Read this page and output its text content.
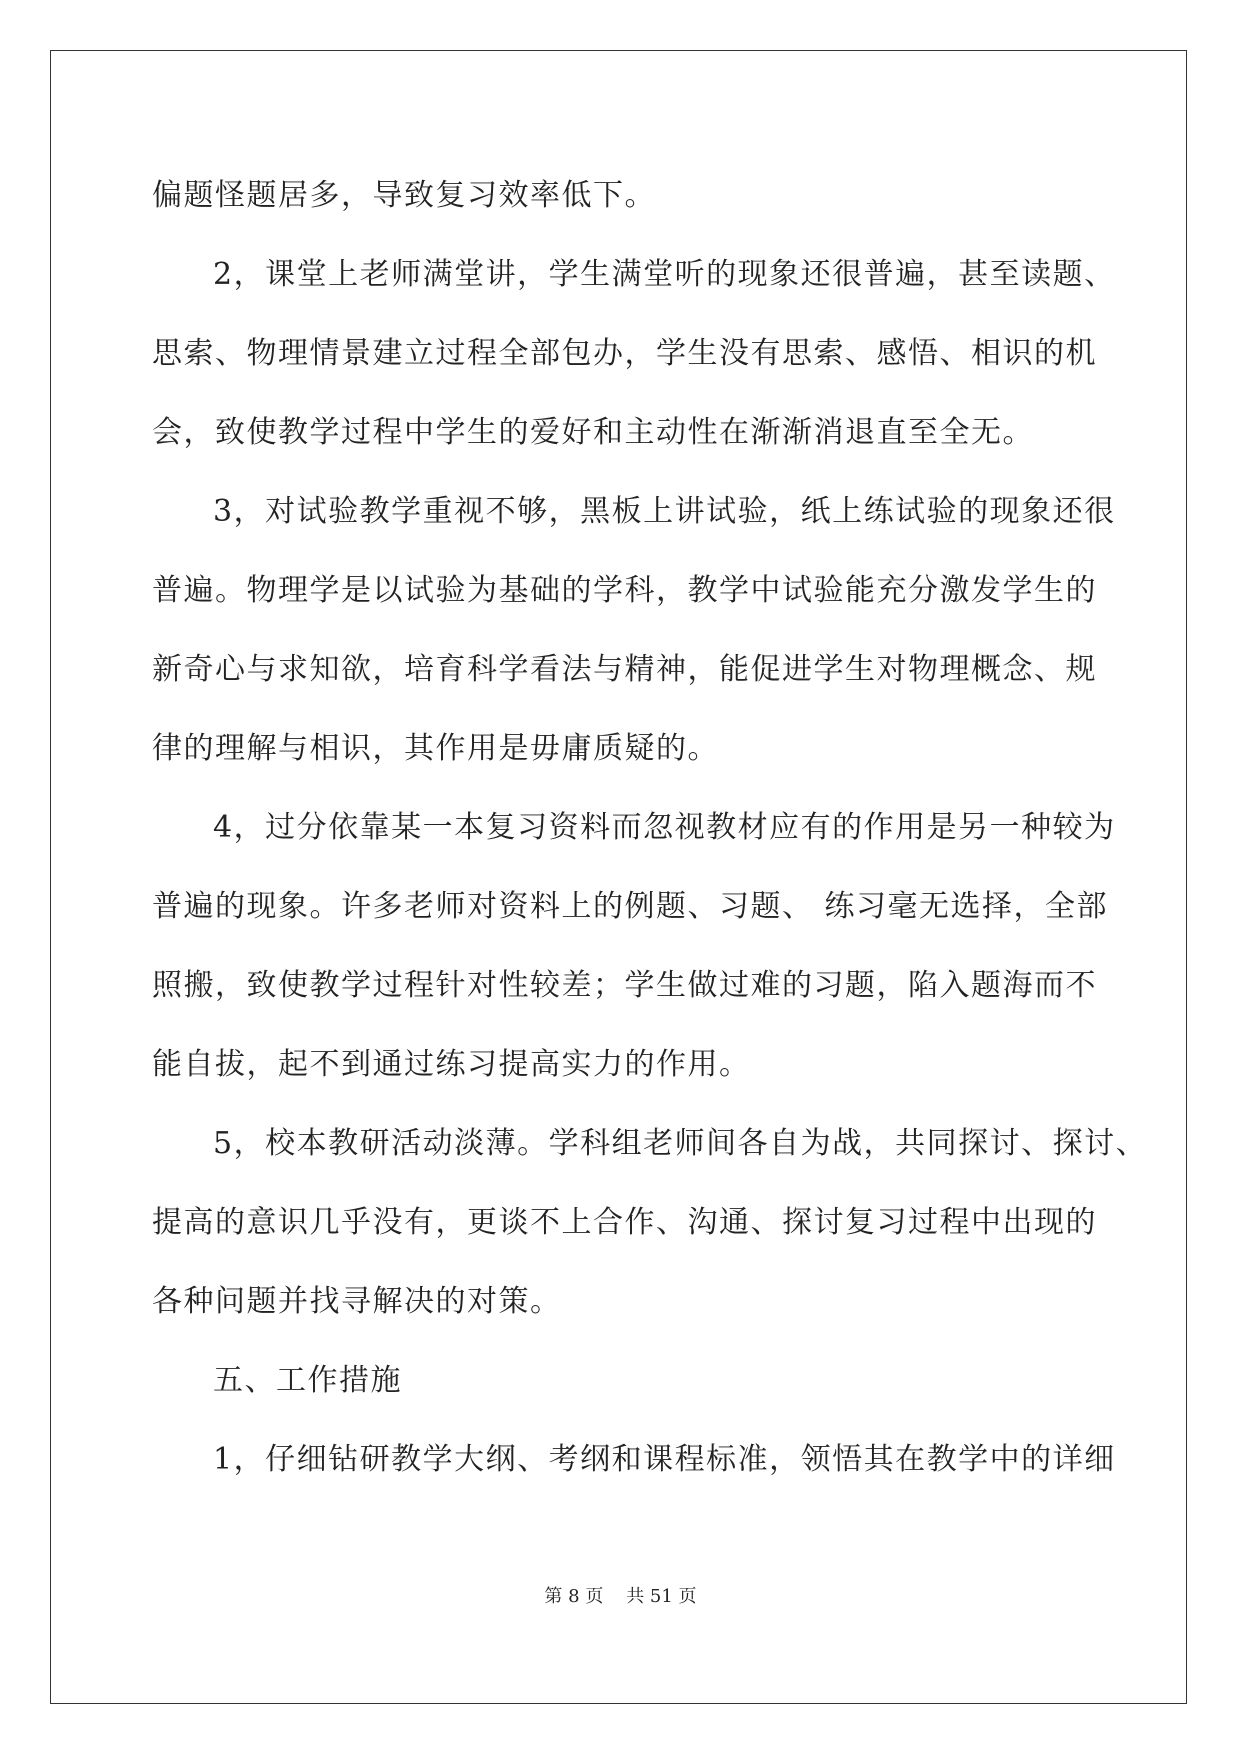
偏题怪题居多，导致复习效率低下。
2，课堂上老师满堂讲，学生满堂听的现象还很普遍，甚至读题、
思索、物理情景建立过程全部包办，学生没有思索、感悟、相识的机
会，致使教学过程中学生的爱好和主动性在渐渐消退直至全无。
3，对试验教学重视不够，黑板上讲试验，纸上练试验的现象还很
普遍。物理学是以试验为基础的学科，教学中试验能充分激发学生的
新奇心与求知欲，培育科学看法与精神，能促进学生对物理概念、规
律的理解与相识，其作用是毋庸质疑的。
4，过分依靠某一本复习资料而忽视教材应有的作用是另一种较为
普遍的现象。许多老师对资料上的例题、习题、 练习毫无选择，全部
照搬，致使教学过程针对性较差；学生做过难的习题，陷入题海而不
能自拔，起不到通过练习提高实力的作用。
5，校本教研活动淡薄。学科组老师间各自为战，共同探讨、探讨、
提高的意识几乎没有，更谈不上合作、沟通、探讨复习过程中出现的
各种问题并找寻解决的对策。
五、工作措施
1，仔细钻研教学大纲、考纲和课程标准，领悟其在教学中的详细
第 8 页    共 51 页
